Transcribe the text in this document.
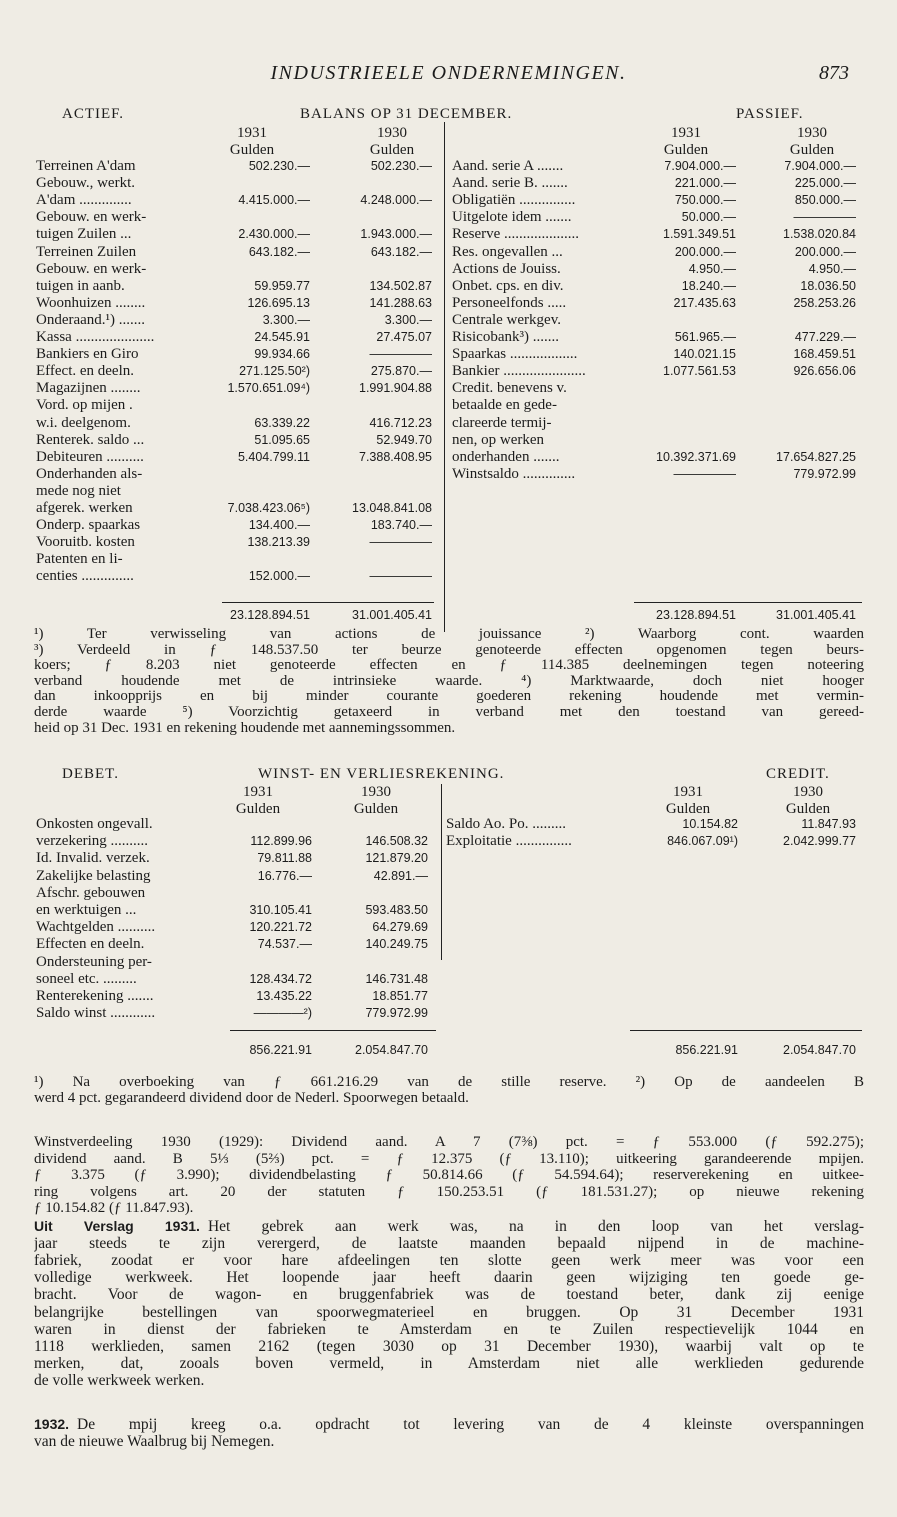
INDUSTRIEELE ONDERNEMINGEN.	873
ACTIEF.	BALANS OP 31 DECEMBER.	PASSIEF.
1931
Gulden
1930
Gulden
1931
Gulden
1930
Gulden
Terreinen A'dam	502.230.—	502.230.—
Gebouw., werkt.
A'dam ..............	4.415.000.—	4.248.000.—
Gebouw. en werk-
tuigen Zuilen ...	2.430.000.—	1.943.000.—
Terreinen Zuilen	643.182.—	643.182.—
Gebouw. en werk-
tuigen in aanb.	59.959.77	134.502.87
Woonhuizen ........	126.695.13	141.288.63
Onderaand.¹) .......	3.300.—	3.300.—
Kassa .....................	24.545.91	27.475.07
Bankiers en Giro	99.934.66	—————
Effect. en deeln.	271.125.50²)	275.870.—
Magazijnen ........	1.570.651.09⁴)	1.991.904.88
Vord. op mijen .
w.i. deelgenom.	63.339.22	416.712.23
Renterek. saldo ...	51.095.65	52.949.70
Debiteuren ..........	5.404.799.11	7.388.408.95
Onderhanden als-
mede nog niet
afgerek. werken	7.038.423.06⁵)	13.048.841.08
Onderp. spaarkas	134.400.—	183.740.—
Vooruitb. kosten	138.213.39	—————
Patenten en li-
centies ..............	152.000.—	—————
Aand. serie A .......	7.904.000.—	7.904.000.—
Aand. serie B. .......	221.000.—	225.000.—
Obligatiën ...............	750.000.—	850.000.—
Uitgelote idem .......	50.000.—	—————
Reserve ....................	1.591.349.51	1.538.020.84
Res. ongevallen ...	200.000.—	200.000.—
Actions de Jouiss.	4.950.—	4.950.—
Onbet. cps. en div.	18.240.—	18.036.50
Personeelfonds .....	217.435.63	258.253.26
Centrale werkgev.
Risicobank³) .......	561.965.—	477.229.—
Spaarkas ..................	140.021.15	168.459.51
Bankier ......................	1.077.561.53	926.656.06
Credit. benevens v.
betaalde en gede-
clareerde termij-
nen, op werken
onderhanden .......	10.392.371.69	17.654.827.25
Winstsaldo ..............	—————	779.972.99
23.128.894.51	31.001.405.41	23.128.894.51	31.001.405.41
¹) Ter verwisseling van actions de jouissance ²) Waarborg cont. waarden
³) Verdeeld in ƒ 148.537.50 ter beurze genoteerde effecten opgenomen tegen beurs-
koers; ƒ 8.203 niet genoteerde effecten en ƒ 114.385 deelnemingen tegen noteering
verband houdende met de intrinsieke waarde. ⁴) Marktwaarde, doch niet hooger
dan inkoopprijs en bij minder courante goederen rekening houdende met vermin-
derde waarde ⁵) Voorzichtig getaxeerd in verband met den toestand van gereed-
heid op 31 Dec. 1931 en rekening houdende met aannemingssommen.
DEBET.	WINST- EN VERLIESREKENING.	CREDIT.
1931
Gulden
1930
Gulden
1931
Gulden
1930
Gulden
Onkosten ongevall.
verzekering ..........	112.899.96	146.508.32
Id. Invalid. verzek.	79.811.88	121.879.20
Zakelijke belasting	16.776.—	42.891.—
Afschr. gebouwen
en werktuigen ...	310.105.41	593.483.50
Wachtgelden ..........	120.221.72	64.279.69
Effecten en deeln.	74.537.—	140.249.75
Ondersteuning per-
soneel etc. .........	128.434.72	146.731.48
Renterekening .......	13.435.22	18.851.77
Saldo winst ............	————²)	779.972.99
Saldo Ao. Po. .........	10.154.82	11.847.93
Exploitatie ...............	846.067.09¹)	2.042.999.77
856.221.91	2.054.847.70	856.221.91	2.054.847.70
¹) Na overboeking van ƒ 661.216.29 van de stille reserve. ²) Op de aandeelen B
werd 4 pct. gegarandeerd dividend door de Nederl. Spoorwegen betaald.
Winstverdeeling 1930 (1929): Dividend aand. A 7 (7⅜) pct. = ƒ 553.000 (ƒ 592.275);
dividend aand. B 5⅓ (5⅔) pct. = ƒ 12.375 (ƒ 13.110); uitkeering garandeerende mpijen.
ƒ 3.375 (ƒ 3.990); dividendbelasting ƒ 50.814.66 (ƒ 54.594.64); reserverekening en uitkee-
ring volgens art. 20 der statuten ƒ 150.253.51 (ƒ 181.531.27); op nieuwe rekening
ƒ 10.154.82 (ƒ 11.847.93).
Uit Verslag 1931. Het gebrek aan werk was, na in den loop van het verslag-
jaar steeds te zijn verergerd, de laatste maanden bepaald nijpend in de machine-
fabriek, zoodat er voor hare afdeelingen ten slotte geen werk meer was voor een
volledige werkweek. Het loopende jaar heeft daarin geen wijziging ten goede ge-
bracht. Voor de wagon- en bruggenfabriek was de toestand beter, dank zij eenige
belangrijke bestellingen van spoorwegmaterieel en bruggen. Op 31 December 1931
waren in dienst der fabrieken te Amsterdam en te Zuilen respectievelijk 1044 en
1118 werklieden, samen 2162 (tegen 3030 op 31 December 1930), waarbij valt op te
merken, dat, zooals boven vermeld, in Amsterdam niet alle werklieden gedurende
de volle werkweek werken.
1932. De mpij kreeg o.a. opdracht tot levering van de 4 kleinste overspanningen
van de nieuwe Waalbrug bij Nemegen.
